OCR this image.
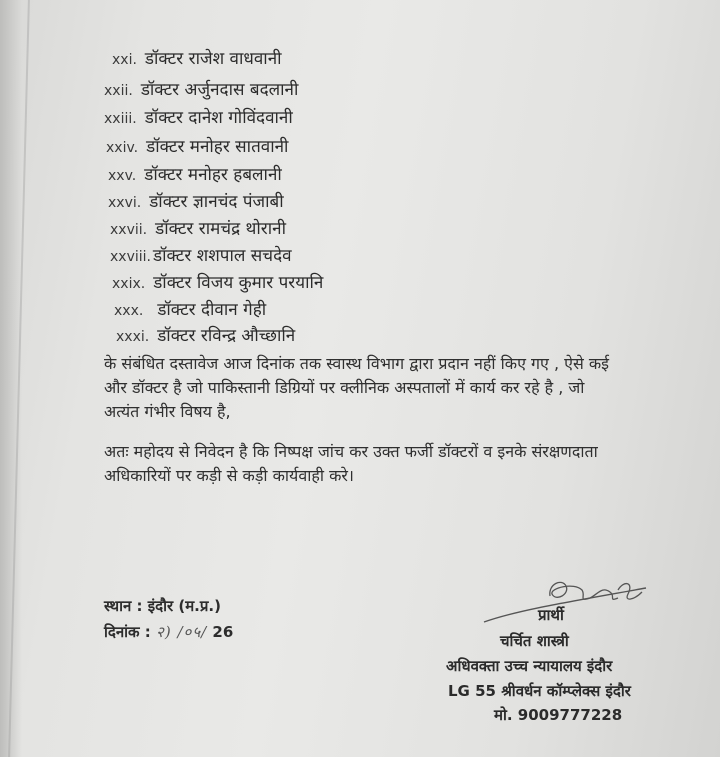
xxi. डॉक्टर राजेश वाधवानी
xxii. डॉक्टर अर्जुनदास बदलानी
xxiii. डॉक्टर दानेश गोविंदवानी
xxiv. डॉक्टर मनोहर सातवानी
xxv. डॉक्टर मनोहर हबलानी
xxvi. डॉक्टर ज्ञानचंद पंजाबी
xxvii. डॉक्टर रामचंद्र थोरानी
xxviii. डॉक्टर शशपाल सचदेव
xxix. डॉक्टर विजय कुमार परयानि
xxx. डॉक्टर दीवान गेही
xxxi. डॉक्टर रविन्द्र औच्छानि
के संबंधित दस्तावेज आज दिनांक तक स्वास्थ विभाग द्वारा प्रदान नहीं किए गए , ऐसे कई
और डॉक्टर है जो पाकिस्तानी डिग्रियों पर क्लीनिक अस्पतालों में कार्य कर रहे है , जो
अत्यंत गंभीर विषय है,
अतः महोदय से निवेदन है कि निष्पक्ष जांच कर उक्त फर्जी डॉक्टरों व इनके संरक्षणदाता
अधिकारियों पर कड़ी से कड़ी कार्यवाही करे।
स्थान : इंदौर (म.प्र.)
दिनांक : २) /०५/ 26
प्रार्थी
चर्चित शास्त्री
अधिवक्ता उच्च न्यायालय इंदौर
LG 55 श्रीवर्धन कॉम्प्लेक्स इंदौर
मो. 9009777228
